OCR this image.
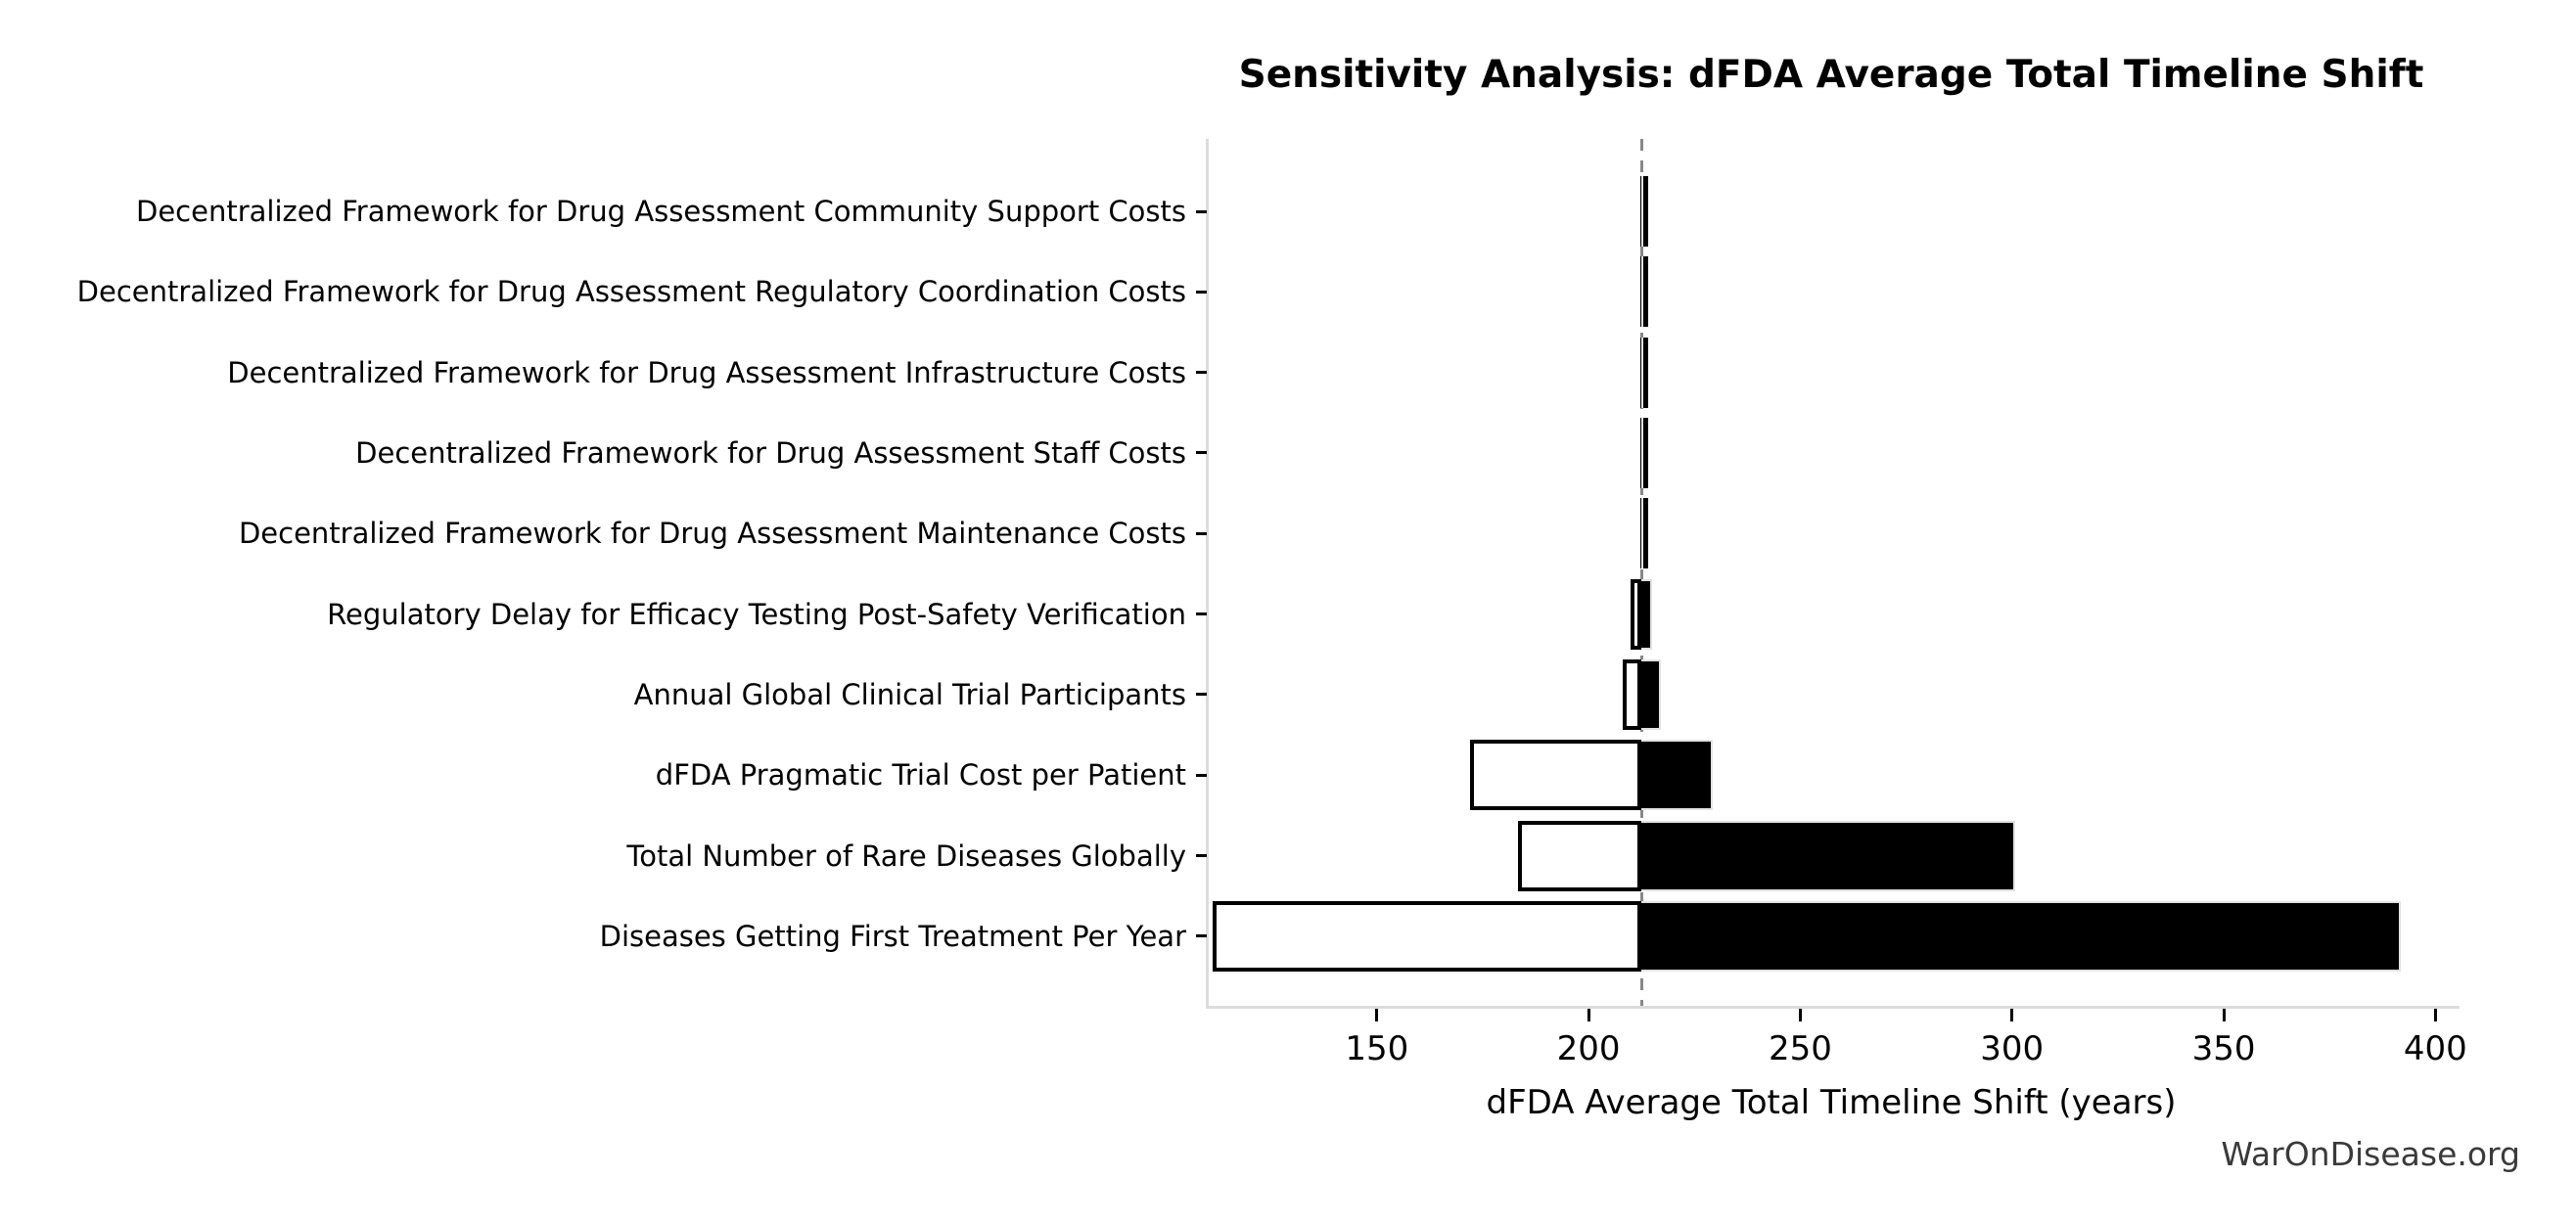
Sensitivity Analysis: dFDA Average Total Timeline Shift
Decentralized Framework for Drug Assessment Community Support Costs
Decentralized Framework for Drug Assessment Regulatory Coordination Costs
Decentralized Framework for Drug Assessment Infrastructure Costs
Decentralized Framework for Drug Assessment Staff Costs
Decentralized Framework for Drug Assessment Maintenance Costs
Regulatory Delay for Efficacy Testing Post-Safety Verification
Annual Global Clinical Trial Participants
dFDA Pragmatic Trial Cost per Patient
Total Number of Rare Diseases Globally
Diseases Getting First Treatment Per Year
dFDA Average Total Timeline Shift (years)
WarOnDisease.org
150	200	250	300	350	400
